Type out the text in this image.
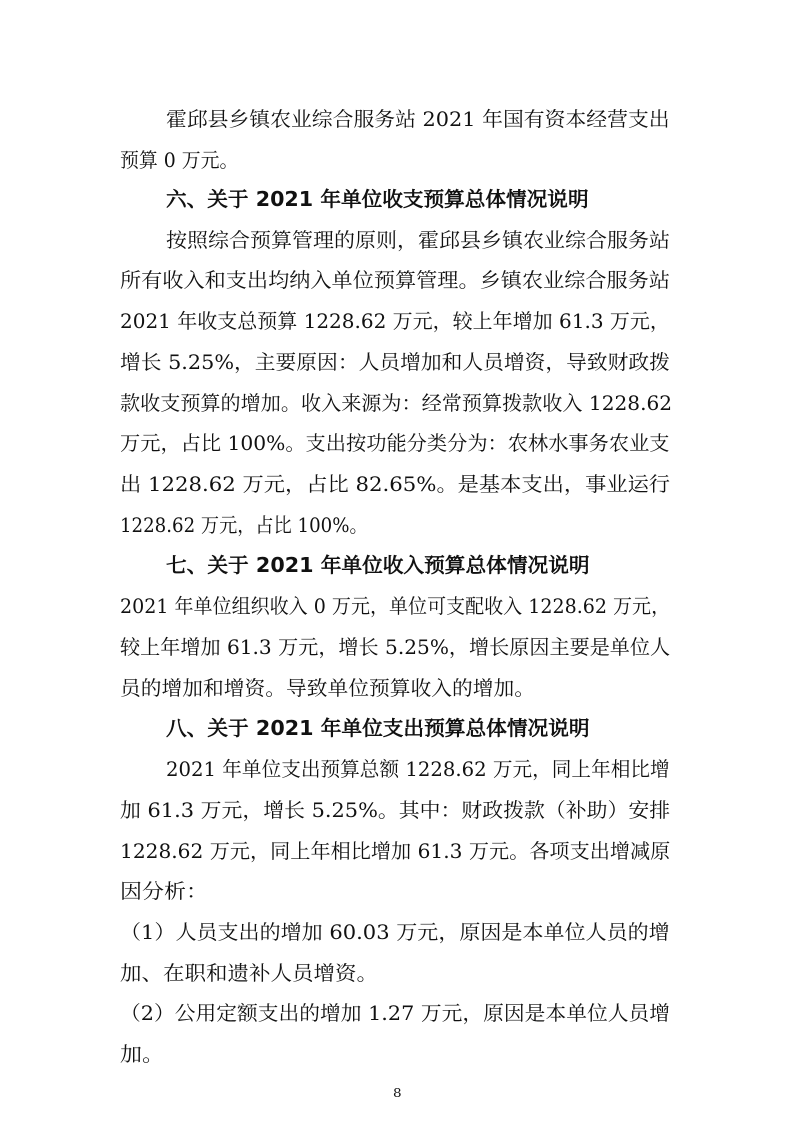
霍邱县乡镇农业综合服务站 2021 年国有资本经营支出
预算 0 万元。
六、关于 2021 年单位收支预算总体情况说明
按照综合预算管理的原则，霍邱县乡镇农业综合服务站
所有收入和支出均纳入单位预算管理。乡镇农业综合服务站
2021 年收支总预算 1228.62 万元，较上年增加 61.3 万元，
增长 5.25%，主要原因：人员增加和人员增资，导致财政拨
款收支预算的增加。收入来源为：经常预算拨款收入 1228.62
万元，占比 100%。支出按功能分类分为：农林水事务农业支
出 1228.62 万元，占比 82.65%。是基本支出，事业运行
1228.62 万元，占比 100%。
七、关于 2021 年单位收入预算总体情况说明
2021 年单位组织收入 0 万元，单位可支配收入 1228.62 万元，
较上年增加 61.3 万元，增长 5.25%，增长原因主要是单位人
员的增加和增资。导致单位预算收入的增加。
八、关于 2021 年单位支出预算总体情况说明
2021 年单位支出预算总额 1228.62 万元，同上年相比增
加 61.3 万元，增长 5.25%。其中：财政拨款（补助）安排
1228.62 万元，同上年相比增加 61.3 万元。各项支出增减原
因分析：
（1）人员支出的增加 60.03 万元，原因是本单位人员的增
加、在职和遗补人员增资。
（2）公用定额支出的增加 1.27 万元，原因是本单位人员增
加。
8
